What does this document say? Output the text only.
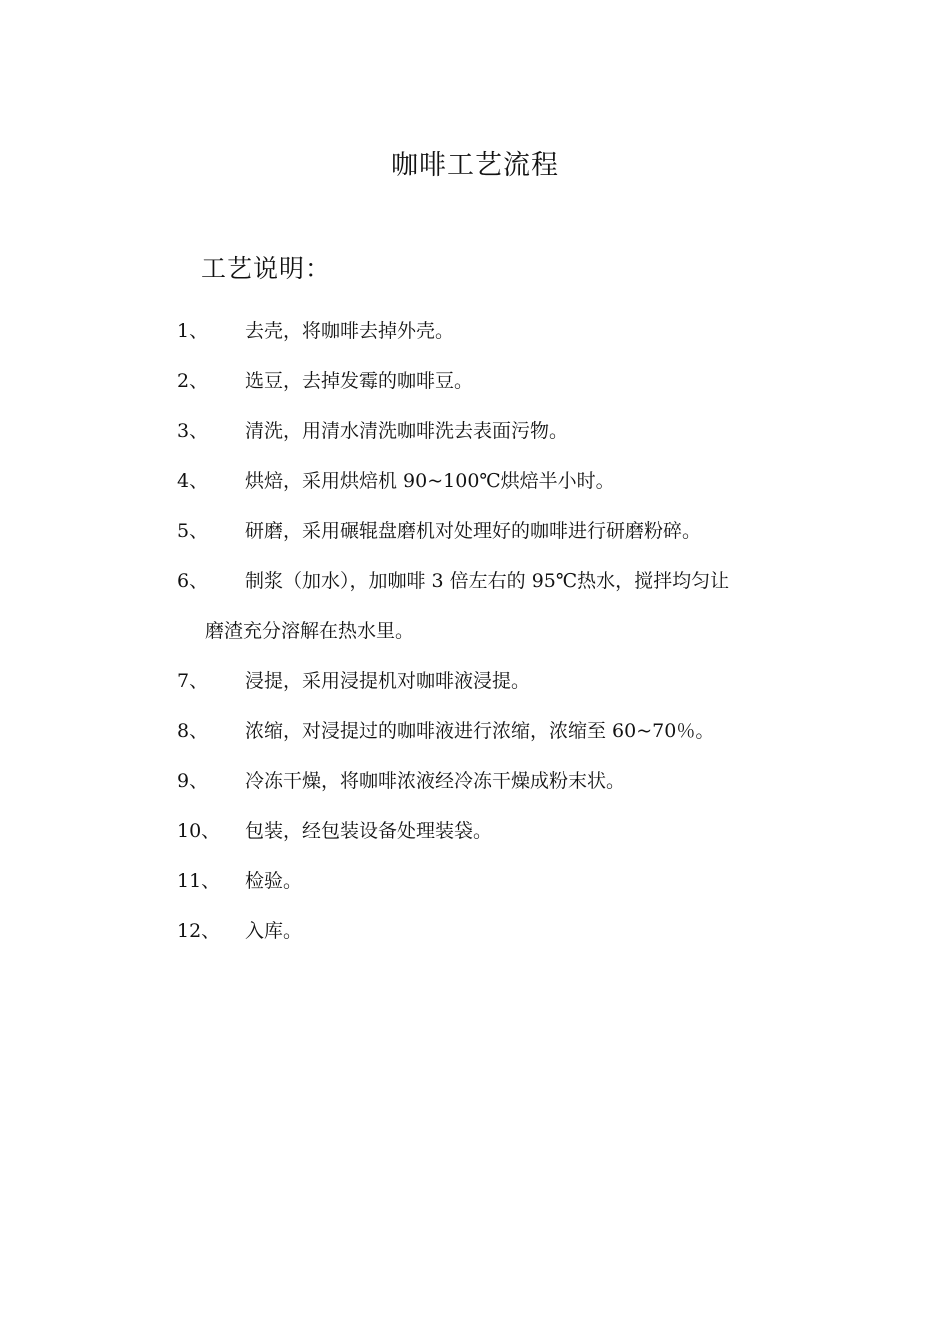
咖啡工艺流程
工艺说明：
1、	去壳，将咖啡去掉外壳。
2、	选豆，去掉发霉的咖啡豆。
3、	清洗，用清水清洗咖啡洗去表面污物。
4、	烘焙，采用烘焙机 90~100℃烘焙半小时。
5、	研磨，采用碾辊盘磨机对处理好的咖啡进行研磨粉碎。
6、	制浆（加水），加咖啡 3 倍左右的 95℃热水，搅拌均匀让
磨渣充分溶解在热水里。
7、	浸提，采用浸提机对咖啡液浸提。
8、	浓缩，对浸提过的咖啡液进行浓缩，浓缩至 60~70％。
9、	冷冻干燥，将咖啡浓液经冷冻干燥成粉末状。
10、	包装，经包装设备处理装袋。
11、	检验。
12、	入库。
